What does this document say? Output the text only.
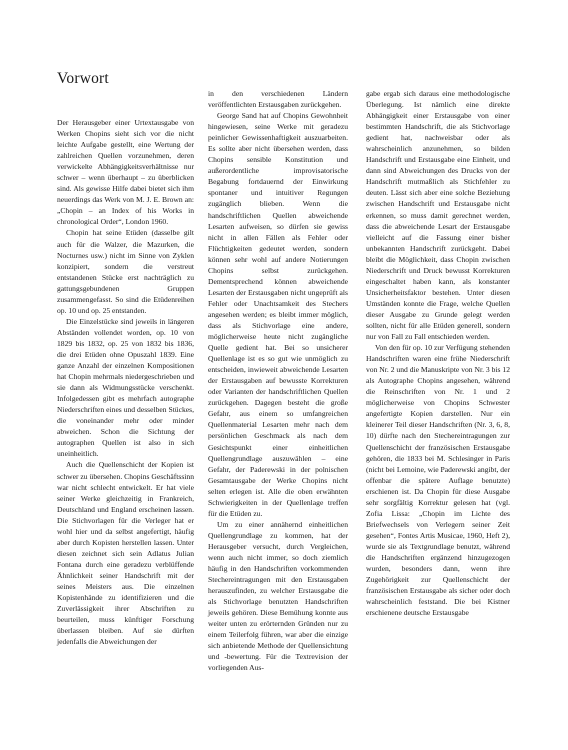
Vorwort

Der Herausgeber einer Urtextausgabe von Werken Chopins sieht sich vor die nicht leichte Aufgabe gestellt, eine Wertung der zahlreichen Quellen vorzunehmen, deren verwickelte Abhängigkeitsverhältnisse nur schwer – wenn überhaupt – zu überblicken sind. Als gewisse Hilfe dabei bietet sich ihm neuerdings das Werk von M. J. E. Brown an: „Chopin – an Index of his Works in chronological Order“, London 1960.

Chopin hat seine Etüden (dasselbe gilt auch für die Walzer, die Mazurken, die Nocturnes usw.) nicht im Sinne von Zyklen konzipiert, sondern die verstreut entstandenen Stücke erst nachträglich zu gattungsgebundenen Gruppen zusammengefasst. So sind die Etüdenreihen op. 10 und op. 25 entstanden.

Die Einzelstücke sind jeweils in längeren Abständen vollendet worden, op. 10 von 1829 bis 1832, op. 25 von 1832 bis 1836, die drei Etüden ohne Opuszahl 1839. Eine ganze Anzahl der einzelnen Kompositionen hat Chopin mehrmals niedergeschrieben und sie dann als Widmungsstücke verschenkt. Infolgedessen gibt es mehrfach autographe Niederschriften eines und desselben Stückes, die voneinander mehr oder minder abweichen. Schon die Sichtung der autographen Quellen ist also in sich uneinheitlich.

Auch die Quellenschicht der Kopien ist schwer zu übersehen. Chopins Geschäftssinn war nicht schlecht entwickelt. Er hat viele seiner Werke gleichzeitig in Frankreich, Deutschland und England erscheinen lassen. Die Stichvorlagen für die Verleger hat er wohl hier und da selbst angefertigt, häufig aber durch Kopisten herstellen lassen. Unter diesen zeichnet sich sein Adlatus Julian Fontana durch eine geradezu verblüffende Ähnlichkeit seiner Handschrift mit der seines Meisters aus. Die einzelnen Kopistenhände zu identifizieren und die Zuverlässigkeit ihrer Abschriften zu beurteilen, muss künftiger Forschung überlassen bleiben. Auf sie dürften jedenfalls die Abweichungen der

in den verschiedenen Ländern veröffentlichten Erstausgaben zurückgehen.

George Sand hat auf Chopins Gewohnheit hingewiesen, seine Werke mit geradezu peinlicher Gewissenhaftigkeit auszuarbeiten. Es sollte aber nicht übersehen werden, dass Chopins sensible Konstitution und außerordentliche improvisatorische Begabung fortdauernd der Einwirkung spontaner und intuitiver Regungen zugänglich blieben. Wenn die handschriftlichen Quellen abweichende Lesarten aufweisen, so dürfen sie gewiss nicht in allen Fällen als Fehler oder Flüchtigkeiten gedeutet werden, sondern können sehr wohl auf andere Notierungen Chopins selbst zurückgehen. Dementsprechend können abweichende Lesarten der Erstausgaben nicht ungeprüft als Fehler oder Unachtsamkeit des Stechers angesehen werden; es bleibt immer möglich, dass als Stichvorlage eine andere, möglicherweise heute nicht zugängliche Quelle gedient hat. Bei so unsicherer Quellenlage ist es so gut wie unmöglich zu entscheiden, inwieweit abweichende Lesarten der Erstausgaben auf bewusste Korrekturen oder Varianten der handschriftlichen Quellen zurückgehen. Dagegen besteht die große Gefahr, aus einem so umfangreichen Quellenmaterial Lesarten mehr nach dem persönlichen Geschmack als nach dem Gesichtspunkt einer einheitlichen Quellengrundlage auszuwählen – eine Gefahr, der Paderewski in der polnischen Gesamtausgabe der Werke Chopins nicht selten erlegen ist. Alle die oben erwähnten Schwierigkeiten in der Quellenlage treffen für die Etüden zu.

Um zu einer annähernd einheitlichen Quellengrundlage zu kommen, hat der Herausgeber versucht, durch Vergleichen, wenn auch nicht immer, so doch ziemlich häufig in den Handschriften vorkommenden Stechereintragungen mit den Erstausgaben herauszufinden, zu welcher Erstausgabe die als Stichvorlage benutzten Handschriften jeweils gehören. Diese Bemühung konnte aus weiter unten zu erörternden Gründen nur zu einem Teilerfolg führen, war aber die einzige sich anbietende Methode der Quellensichtung und -bewertung. Für die Textrevision der vorliegenden Aus-

gabe ergab sich daraus eine methodologische Überlegung. Ist nämlich eine direkte Abhängigkeit einer Erstausgabe von einer bestimmten Handschrift, die als Stichvorlage gedient hat, nachweisbar oder als wahrscheinlich anzunehmen, so bilden Handschrift und Erstausgabe eine Einheit, und dann sind Abweichungen des Drucks von der Handschrift mutmaßlich als Stichfehler zu deuten. Lässt sich aber eine solche Beziehung zwischen Handschrift und Erstausgabe nicht erkennen, so muss damit gerechnet werden, dass die abweichende Lesart der Erstausgabe vielleicht auf die Fassung einer bisher unbekannten Handschrift zurückgeht. Dabei bleibt die Möglichkeit, dass Chopin zwischen Niederschrift und Druck bewusst Korrekturen eingeschaltet haben kann, als konstanter Unsicherheitsfaktor bestehen. Unter diesen Umständen konnte die Frage, welche Quellen dieser Ausgabe zu Grunde gelegt werden sollten, nicht für alle Etüden generell, sondern nur von Fall zu Fall entschieden werden.

Von den für op. 10 zur Verfügung stehenden Handschriften waren eine frühe Niederschrift von Nr. 2 und die Manuskripte von Nr. 3 bis 12 als Autographe Chopins angesehen, während die Reinschriften von Nr. 1 und 2 möglicherweise von Chopins Schwester angefertigte Kopien darstellen. Nur ein kleinerer Teil dieser Handschriften (Nr. 3, 6, 8, 10) dürfte nach den Stechereintragungen zur Quellenschicht der französischen Erstausgabe gehören, die 1833 bei M. Schlesinger in Paris (nicht bei Lemoine, wie Paderewski angibt, der offenbar die spätere Auflage benutzte) erschienen ist. Da Chopin für diese Ausgabe sehr sorgfältig Korrektur gelesen hat (vgl. Zofia Lissa: „Chopin im Lichte des Briefwechsels von Verlegern seiner Zeit gesehen“, Fontes Artis Musicae, 1960, Heft 2), wurde sie als Textgrundlage benutzt, während die Handschriften ergänzend hinzugezogen wurden, besonders dann, wenn ihre Zugehörigkeit zur Quellenschicht der französischen Erstausgabe als sicher oder doch wahrscheinlich feststand. Die bei Kistner erschienene deutsche Erstausgabe
